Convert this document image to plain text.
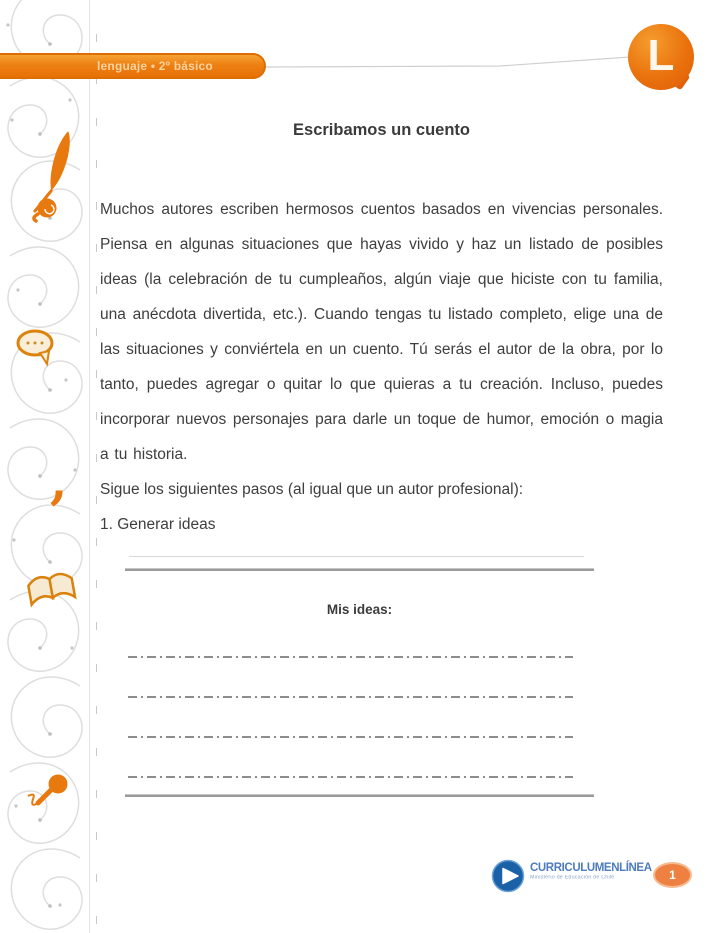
,
lenguaje • 2º básico	L
Escribamos un cuento

Muchos autores escriben hermosos cuentos basados en vivencias personales. Piensa en algunas situaciones que hayas vivido y haz un listado de posibles ideas (la celebración de tu cumpleaños, algún viaje que hiciste con tu familia, una anécdota divertida, etc.). Cuando tengas tu listado completo, elige una de las situaciones y conviértela en un cuento. Tú serás el autor de la obra, por lo tanto, puedes agregar o quitar lo que quieras a tu creación. Incluso, puedes incorporar nuevos personajes para darle un toque de humor, emoción o magia a tu historia.

Sigue los siguientes pasos (al igual que un autor profesional):

1. Generar ideas

Mis ideas:
CURRICULUMENLÍNEA
Ministerio de Educación de Chile	1
